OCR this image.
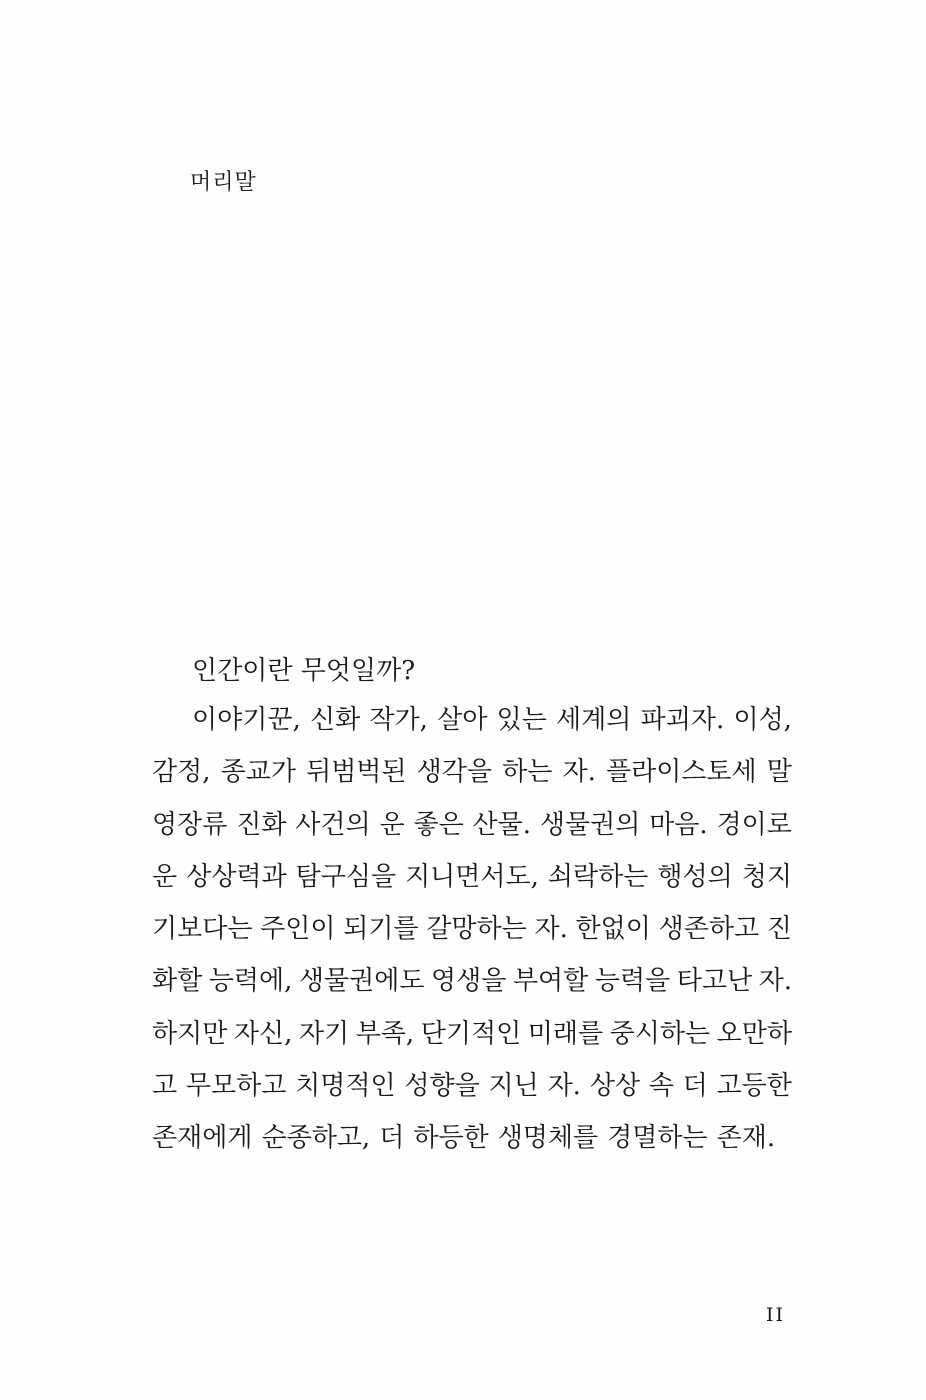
머리말
인간이란 무엇일까?
이야기꾼, 신화 작가, 살아 있는 세계의 파괴자. 이성,
감정, 종교가 뒤범벅된 생각을 하는 자. 플라이스토세 말
영장류 진화 사건의 운 좋은 산물. 생물권의 마음. 경이로
운 상상력과 탐구심을 지니면서도, 쇠락하는 행성의 청지
기보다는 주인이 되기를 갈망하는 자. 한없이 생존하고 진
화할 능력에, 생물권에도 영생을 부여할 능력을 타고난 자.
하지만 자신, 자기 부족, 단기적인 미래를 중시하는 오만하
고 무모하고 치명적인 성향을 지닌 자. 상상 속 더 고등한
존재에게 순종하고, 더 하등한 생명체를 경멸하는 존재.
II
